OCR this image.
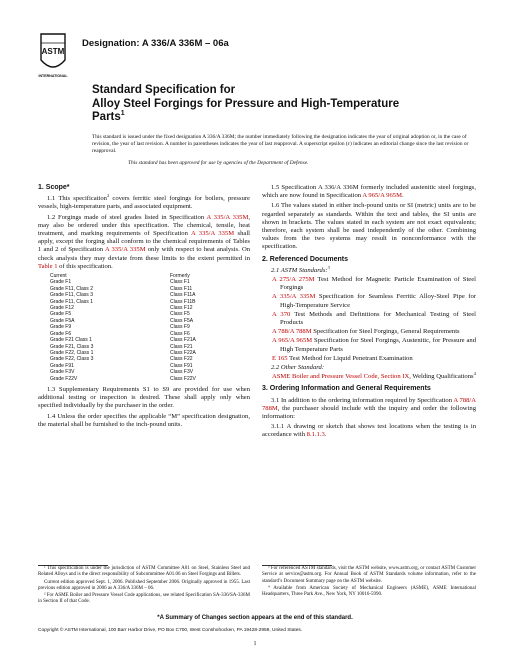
ASTM
INTERNATIONAL
Designation: A 336/A 336M – 06a
Standard Specification for
Alloy Steel Forgings for Pressure and High-Temperature
Parts$^1$
This standard is issued under the fixed designation A 336/A 336M; the number immediately following the designation indicates the year of original adoption or, in the case of revision, the year of last revision. A number in parentheses indicates the year of last reapproval. A superscript epsilon (ε) indicates an editorial change since the last revision or reapproval.
This standard has been approved for use by agencies of the Department of Defense.
1. Scope*

1.1 This specification$^2$ covers ferritic steel forgings for boilers, pressure vessels, high-temperature parts, and associated equipment.

1.2 Forgings made of steel grades listed in Specification A 335/A 335M, may also be ordered under this specification. The chemical, tensile, heat treatment, and marking requirements of Specification A 335/A 335M shall apply, except the forging shall conform to the chemical requirements of Tables 1 and 2 of Specification A 335/A 335M only with respect to heat analysis. On check analysis they may deviate from these limits to the extent permitted in Table 1 of this specification.

Current	Formerly
Grade F1	Class F1
Grade F11, Class 2	Class F11
Grade F11, Class 3	Class F11A
Grade F11, Class 1	Class F11B
Grade F12	Class F12
Grade F5	Class F5
Grade F5A	Class F5A
Grade F9	Class F9
Grade F6	Class F6
Grade F21 Class 1	Class F21A
Grade F21, Class 3	Class F21
Grade F22, Class 1	Class F22A
Grade F22, Class 3	Class F22
Grade F91	Class F91
Grade F3V	Class F3V
Grade F22V	Class F22V

1.3 Supplementary Requirements S1 to S9 are provided for use when additional testing or inspection is desired. These shall apply only when specified individually by the purchaser in the order.

1.4 Unless the order specifies the applicable “M” specification designation, the material shall be furnished to the inch-pound units.

1.5 Specification A 336/A 336M formerly included austenitic steel forgings, which are now found in Specification A 965/A 965M.

1.6 The values stated in either inch-pound units or SI (metric) units are to be regarded separately as standards. Within the text and tables, the SI units are shown in brackets. The values stated in each system are not exact equivalents; therefore, each system shall be used independently of the other. Combining values from the two systems may result in nonconformance with the specification.

2. Referenced Documents
2.1 ASTM Standards:$^3$
A 275/A 275M Test Method for Magnetic Particle Examination of Steel Forgings
A 335/A 335M Specification for Seamless Ferritic Alloy-Steel Pipe for High-Temperature Service
A 370 Test Methods and Definitions for Mechanical Testing of Steel Products
A 788/A 788M Specification for Steel Forgings, General Requirements
A 965/A 965M Specification for Steel Forgings, Austenitic, for Pressure and High Temperature Parts
E 165 Test Method for Liquid Penetrant Examination
2.2 Other Standard:
ASME Boiler and Pressure Vessel Code, Section IX, Welding Qualifications$^4$
3. Ordering Information and General Requirements

3.1 In addition to the ordering information required by Specification A 788/A 788M, the purchaser should include with the inquiry and order the following information:

3.1.1 A drawing or sketch that shows test locations when the testing is in accordance with 8.1.1.3.

¹ This specification is under the jurisdiction of ASTM Committee A01 on Steel, Stainless Steel and Related Alloys and is the direct responsibility of Subcommittee A01.06 on Steel Forgings and Billets.

Current edition approved Sept. 1, 2006. Published September 2006. Originally approved in 1955. Last previous edition approved in 2006 as A 336/A 336M – 06.

² For ASME Boiler and Pressure Vessel Code applications, see related Specification SA-336/SA-336M in Section II of that Code.

³ For referenced ASTM standards, visit the ASTM website, www.astm.org, or contact ASTM Customer Service at service@astm.org. For Annual Book of ASTM Standards volume information, refer to the standard’s Document Summary page on the ASTM website.

⁴ Available from American Society of Mechanical Engineers (ASME), ASME International Headquarters, Three Park Ave., New York, NY 10016-5990.

*A Summary of Changes section appears at the end of this standard.
Copyright © ASTM International, 100 Barr Harbor Drive, PO Box C700, West Conshohocken, PA 19428-2959, United States.
1
